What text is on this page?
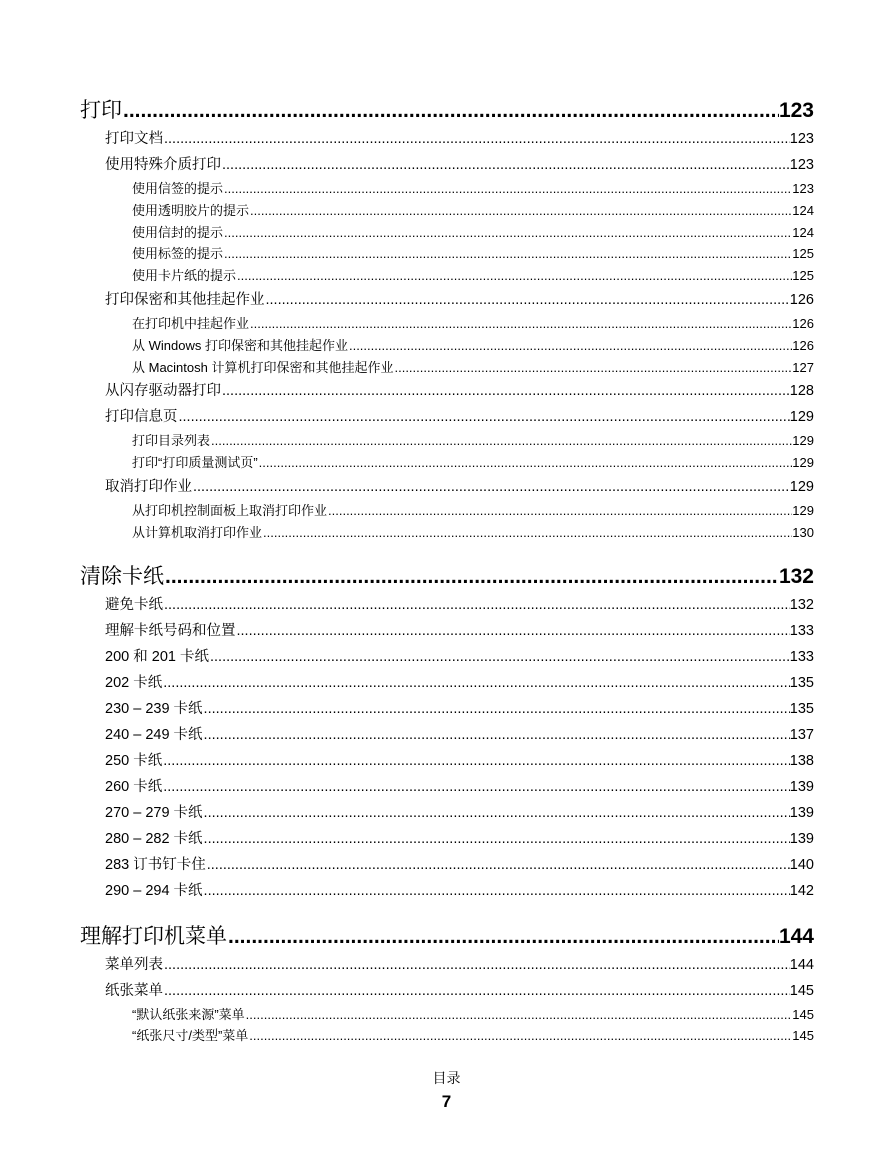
打印 .....	123
打印文档 .....	123
使用特殊介质打印 .....	123
使用信签的提示 .....	123
使用透明胶片的提示 .....	124
使用信封的提示 .....	124
使用标签的提示 .....	125
使用卡片纸的提示 .....	125
打印保密和其他挂起作业 .....	126
在打印机中挂起作业 .....	126
从 Windows 打印保密和其他挂起作业 .....	126
从 Macintosh 计算机打印保密和其他挂起作业 .....	127
从闪存驱动器打印 .....	128
打印信息页 .....	129
打印目录列表 .....	129
打印“打印质量测试页” .....	129
取消打印作业 .....	129
从打印机控制面板上取消打印作业 .....	129
从计算机取消打印作业 .....	130
清除卡纸 .....	132
避免卡纸 .....	132
理解卡纸号码和位置 .....	133
200 和 201 卡纸 .....	133
202 卡纸 .....	135
230 – 239 卡纸 .....	135
240 – 249 卡纸 .....	137
250 卡纸 .....	138
260 卡纸 .....	139
270 – 279 卡纸 .....	139
280 – 282 卡纸 .....	139
283 订书钉卡住 .....	140
290 – 294 卡纸 .....	142
理解打印机菜单 .....	144
菜单列表 .....	144
纸张菜单 .....	145
“默认纸张来源”菜单 .....	145
“纸张尺寸/类型”菜单 .....	145
目录
7
